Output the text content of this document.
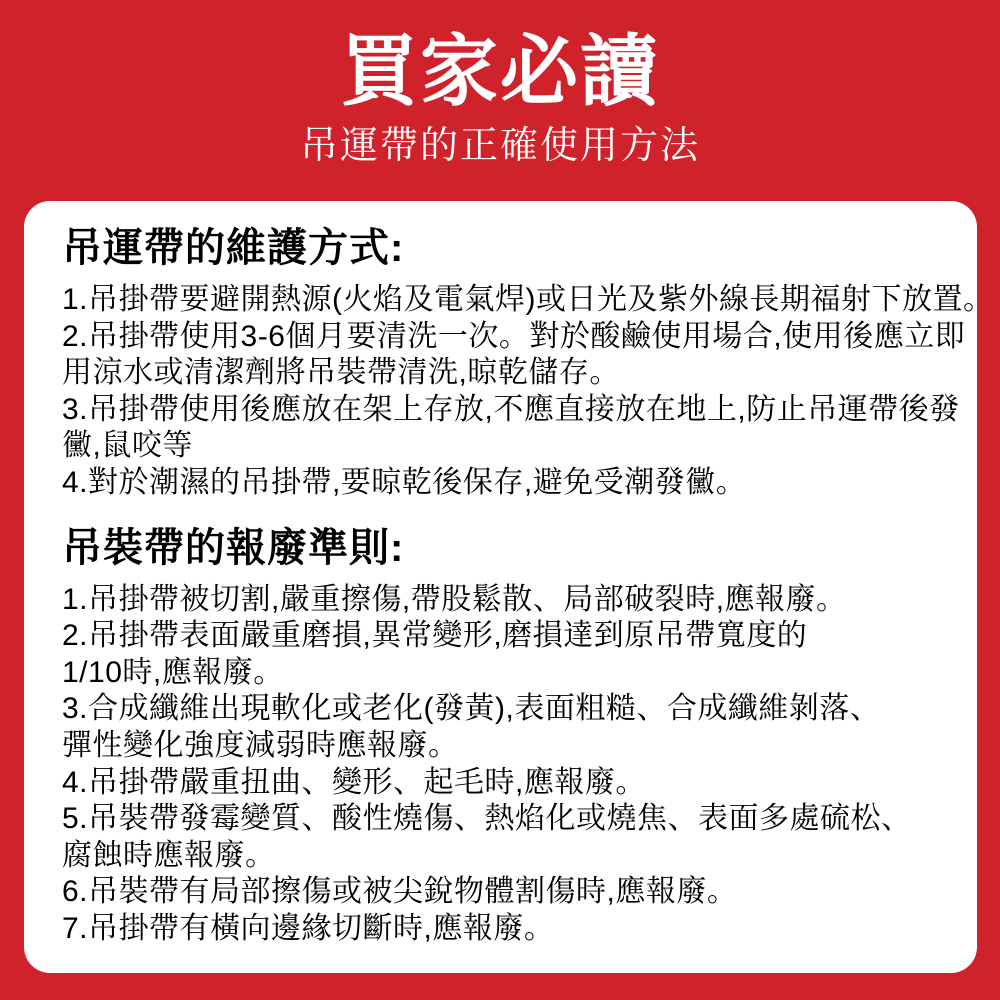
買家必讀
吊運帶的正確使用方法
吊運帶的維護方式:
1.吊掛帶要避開熱源(火焰及電氣焊)或日光及紫外線長期福射下放置。
2.吊掛帶使用3-6個月要清洗一次。對於酸鹼使用場合,使用後應立即
用涼水或清潔劑將吊裝帶清洗,晾乾儲存。
3.吊掛帶使用後應放在架上存放,不應直接放在地上,防止吊運帶後發
黴,鼠咬等
4.對於潮濕的吊掛帶,要晾乾後保存,避免受潮發黴。
吊裝帶的報廢準則:
1.吊掛帶被切割,嚴重擦傷,帶股鬆散、局部破裂時,應報廢。
2.吊掛帶表面嚴重磨損,異常變形,磨損達到原吊帶寬度的
1/10時,應報廢。
3.合成纖維出現軟化或老化(發黃),表面粗糙、合成纖維剝落、
彈性變化強度減弱時應報廢。
4.吊掛帶嚴重扭曲、變形、起毛時,應報廢。
5.吊裝帶發霉變質、酸性燒傷、熱焰化或燒焦、表面多處硫松、
腐蝕時應報廢。
6.吊裝帶有局部擦傷或被尖銳物體割傷時,應報廢。
7.吊掛帶有橫向邊緣切斷時,應報廢。
